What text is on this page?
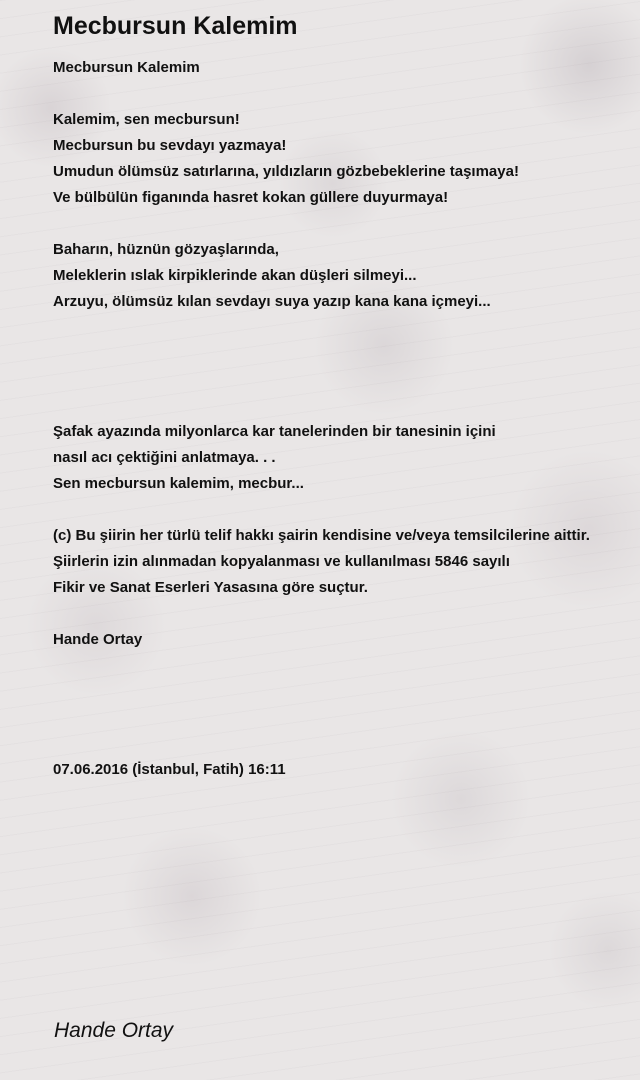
Mecbursun Kalemim
Mecbursun Kalemim
Kalemim, sen mecbursun!
Mecbursun bu sevdayı yazmaya!
Umudun ölümsüz satırlarına, yıldızların gözbebeklerine taşımaya!
Ve bülbülün figanında hasret kokan güllere duyurmaya!
Baharın, hüznün gözyaşlarında,
Meleklerin ıslak kirpiklerinde akan düşleri silmeyi...
Arzuyu, ölümsüz kılan sevdayı suya yazıp kana kana içmeyi...
Şafak ayazında milyonlarca kar tanelerinden bir tanesinin içini
nasıl acı çektiğini anlatmaya. . .
Sen mecbursun kalemim, mecbur...
(c) Bu şiirin her türlü telif hakkı şairin kendisine ve/veya temsilcilerine aittir.
Şiirlerin izin alınmadan kopyalanması ve kullanılması 5846 sayılı
Fikir ve Sanat Eserleri Yasasına göre suçtur.
Hande Ortay
07.06.2016 (İstanbul, Fatih) 16:11
Hande Ortay
